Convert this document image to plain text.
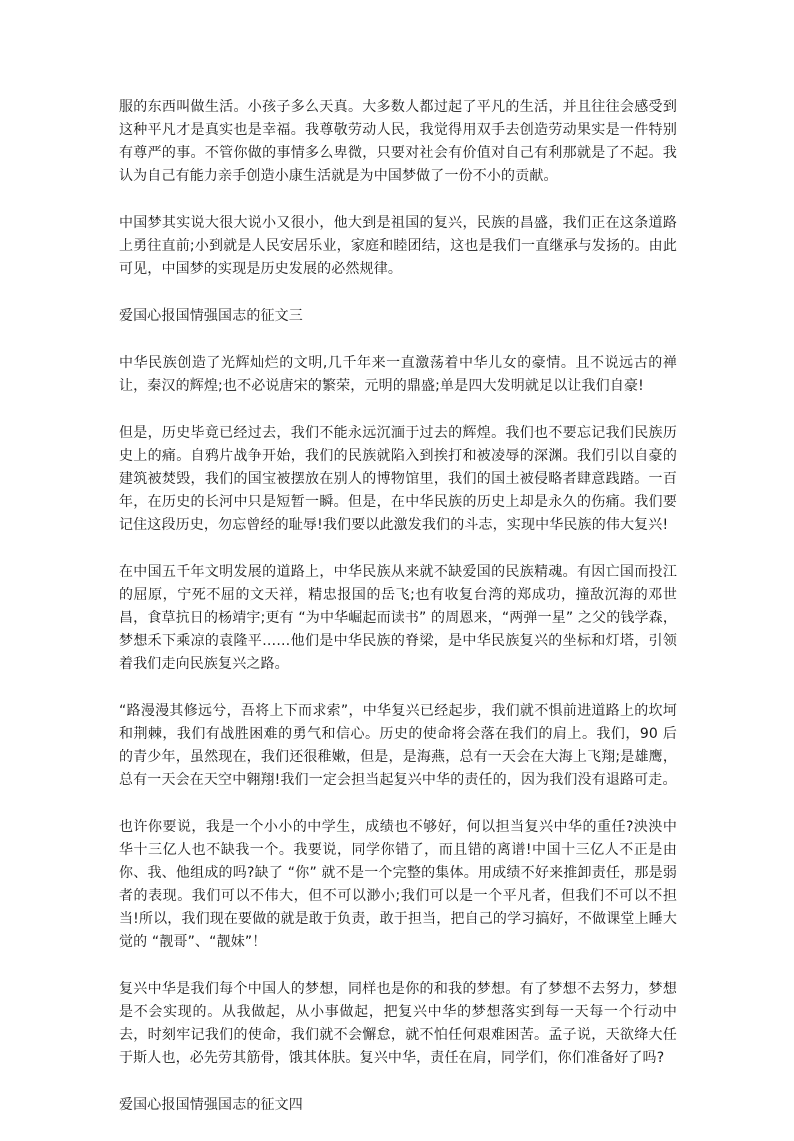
服的东西叫做生活。小孩子多么天真。大多数人都过起了平凡的生活，并且往往会感受到这种平凡才是真实也是幸福。我尊敬劳动人民，我觉得用双手去创造劳动果实是一件特别有尊严的事。不管你做的事情多么卑微，只要对社会有价值对自己有利那就是了不起。我认为自己有能力亲手创造小康生活就是为中国梦做了一份不小的贡献。

中国梦其实说大很大说小又很小，他大到是祖国的复兴，民族的昌盛，我们正在这条道路上勇往直前;小到就是人民安居乐业，家庭和睦团结，这也是我们一直继承与发扬的。由此可见，中国梦的实现是历史发展的必然规律。

爱国心报国情强国志的征文三

中华民族创造了光辉灿烂的文明,几千年来一直激荡着中华儿女的豪情。且不说远古的禅让，秦汉的辉煌;也不必说唐宋的繁荣，元明的鼎盛;单是四大发明就足以让我们自豪!

但是，历史毕竟已经过去，我们不能永远沉湎于过去的辉煌。我们也不要忘记我们民族历史上的痛。自鸦片战争开始，我们的民族就陷入到挨打和被凌辱的深渊。我们引以自豪的建筑被焚毁，我们的国宝被摆放在别人的博物馆里，我们的国土被侵略者肆意践踏。一百年，在历史的长河中只是短暂一瞬。但是，在中华民族的历史上却是永久的伤痛。我们要记住这段历史，勿忘曾经的耻辱!我们要以此激发我们的斗志，实现中华民族的伟大复兴!

在中国五千年文明发展的道路上，中华民族从来就不缺爱国的民族精魂。有因亡国而投江的屈原，宁死不屈的文天祥，精忠报国的岳飞;也有收复台湾的郑成功，撞敌沉海的邓世昌，食草抗日的杨靖宇;更有 “为中华崛起而读书” 的周恩来，“两弹一星” 之父的钱学森，梦想禾下乘凉的袁隆平……他们是中华民族的脊梁，是中华民族复兴的坐标和灯塔，引领着我们走向民族复兴之路。

“路漫漫其修远兮，吾将上下而求索”，中华复兴已经起步，我们就不惧前进道路上的坎坷和荆棘，我们有战胜困难的勇气和信心。历史的使命将会落在我们的肩上。我们，90 后的青少年，虽然现在，我们还很稚嫩，但是，是海燕，总有一天会在大海上飞翔;是雄鹰，总有一天会在天空中翱翔!我们一定会担当起复兴中华的责任的，因为我们没有退路可走。

也许你要说，我是一个小小的中学生，成绩也不够好，何以担当复兴中华的重任?泱泱中华十三亿人也不缺我一个。我要说，同学你错了，而且错的离谱!中国十三亿人不正是由你、我、他组成的吗?缺了 “你” 就不是一个完整的集体。用成绩不好来推卸责任，那是弱者的表现。我们可以不伟大，但不可以渺小;我们可以是一个平凡者，但我们不可以不担当!所以，我们现在要做的就是敢于负责，敢于担当，把自己的学习搞好，不做课堂上睡大觉的 “靓哥”、“靓妹”！

复兴中华是我们每个中国人的梦想，同样也是你的和我的梦想。有了梦想不去努力，梦想是不会实现的。从我做起，从小事做起，把复兴中华的梦想落实到每一天每一个行动中去，时刻牢记我们的使命，我们就不会懈怠，就不怕任何艰难困苦。孟子说，天欲绛大任于斯人也，必先劳其筋骨，饿其体肤。复兴中华，责任在肩，同学们，你们准备好了吗?

爱国心报国情强国志的征文四
